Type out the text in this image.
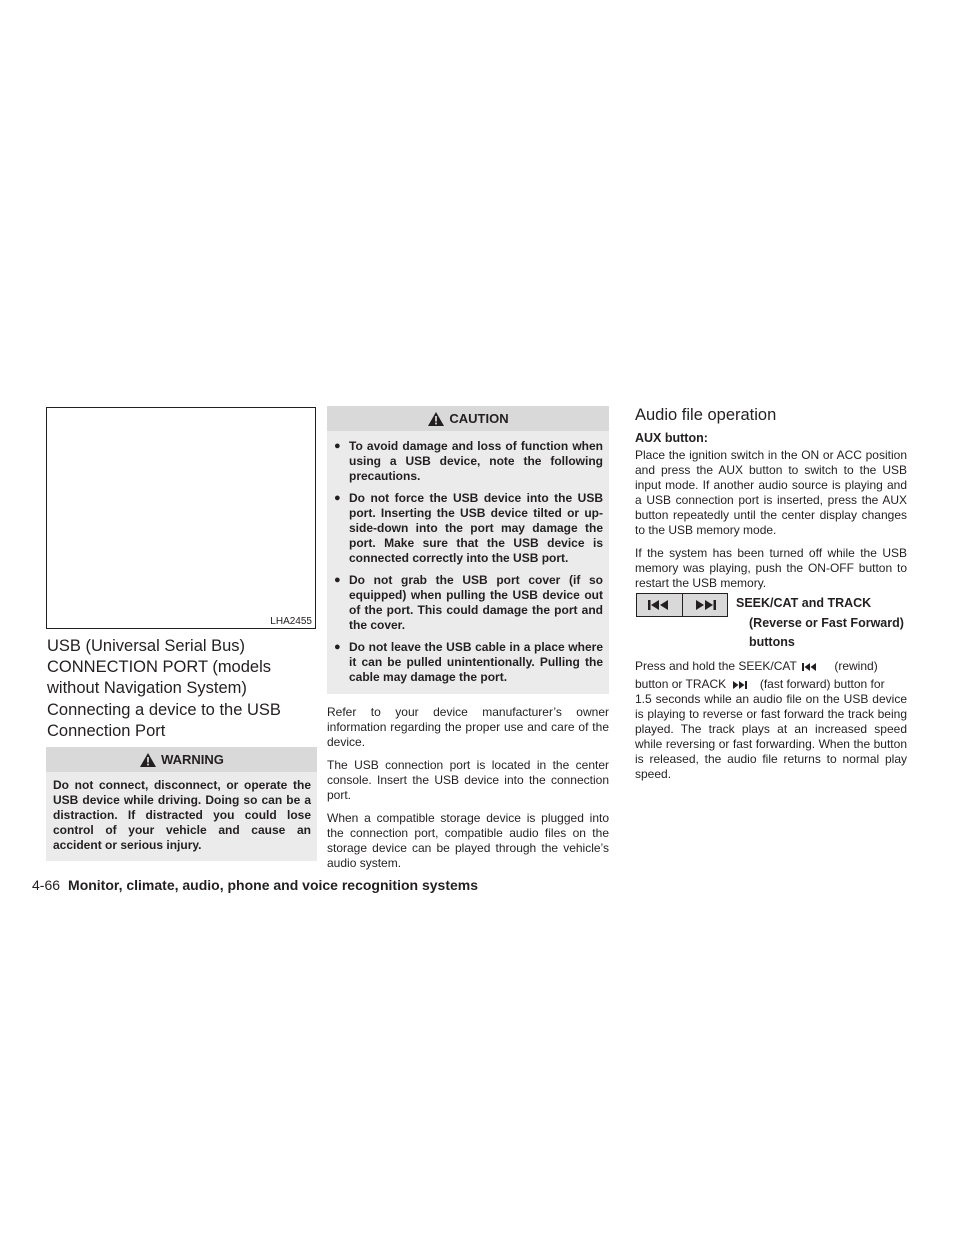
LHA2455
USB (Universal Serial Bus) CONNECTION PORT (models without Navigation System)
Connecting a device to the USB Connection Port
WARNING
Do not connect, disconnect, or operate the USB device while driving. Doing so can be a distraction. If distracted you could lose control of your vehicle and cause an accident or serious injury.
CAUTION
● To avoid damage and loss of function when using a USB device, note the following precautions.
● Do not force the USB device into the USB port. Inserting the USB device tilted or up-side-down into the port may damage the port. Make sure that the USB device is connected correctly into the USB port.
● Do not grab the USB port cover (if so equipped) when pulling the USB device out of the port. This could damage the port and the cover.
● Do not leave the USB cable in a place where it can be pulled unintentionally. Pulling the cable may damage the port.

Refer to your device manufacturer’s owner information regarding the proper use and care of the device.

The USB connection port is located in the center console. Insert the USB device into the connection port.

When a compatible storage device is plugged into the connection port, compatible audio files on the storage device can be played through the vehicle’s audio system.

Audio file operation
AUX button:

Place the ignition switch in the ON or ACC position and press the AUX button to switch to the USB input mode. If another audio source is playing and a USB connection port is inserted, press the AUX button repeatedly until the center display changes to the USB memory mode.

If the system has been turned off while the USB memory was playing, push the ON-OFF button to restart the USB memory.

SEEK/CAT and TRACK
(Reverse or Fast Forward)
buttons
Press and hold the SEEK/CAT	(rewind)
button or TRACK	(fast forward) button for
1.5 seconds while an audio file on the USB device is playing to reverse or fast forward the track being played. The track plays at an increased speed while reversing or fast forwarding. When the button is released, the audio file returns to normal play speed.
4-66 Monitor, climate, audio, phone and voice recognition systems
